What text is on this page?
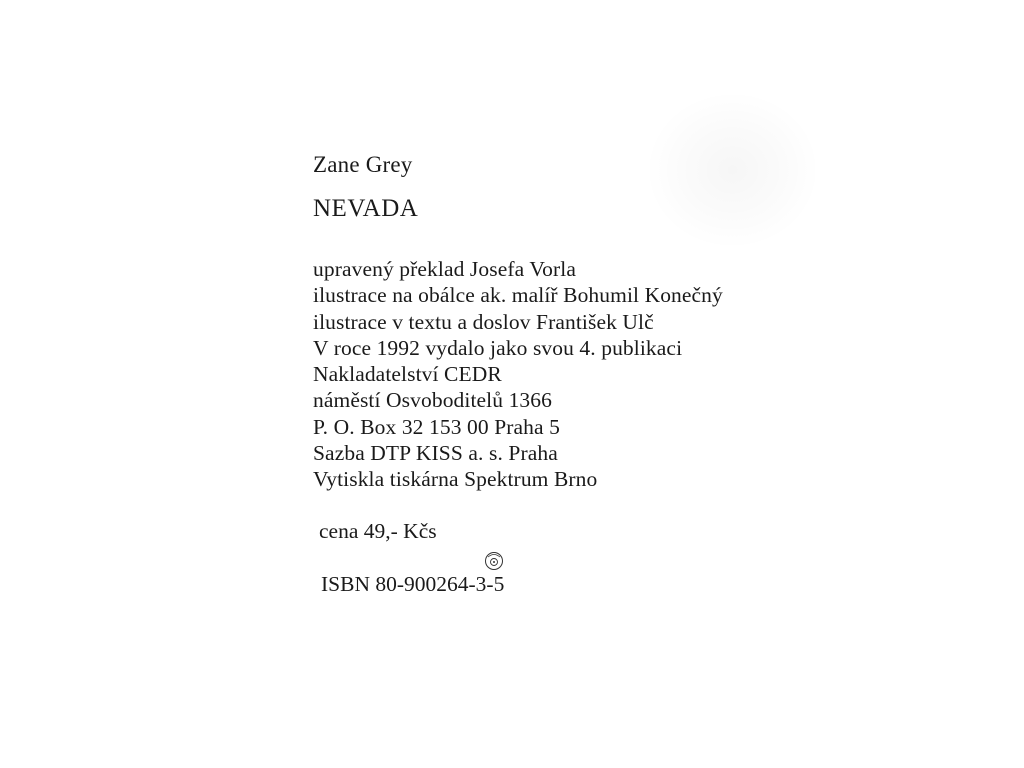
Zane Grey
NEVADA
upravený překlad Josefa Vorla
ilustrace na obálce ak. malíř Bohumil Konečný
ilustrace v textu a doslov František Ulč
V roce 1992 vydalo jako svou 4. publikaci
Nakladatelství CEDR
náměstí Osvoboditelů 1366
P. O. Box 32 153 00 Praha 5
Sazba DTP KISS a. s. Praha
Vytiskla tiskárna Spektrum Brno
cena 49,- Kčs
ISBN 80-900264-3-5
